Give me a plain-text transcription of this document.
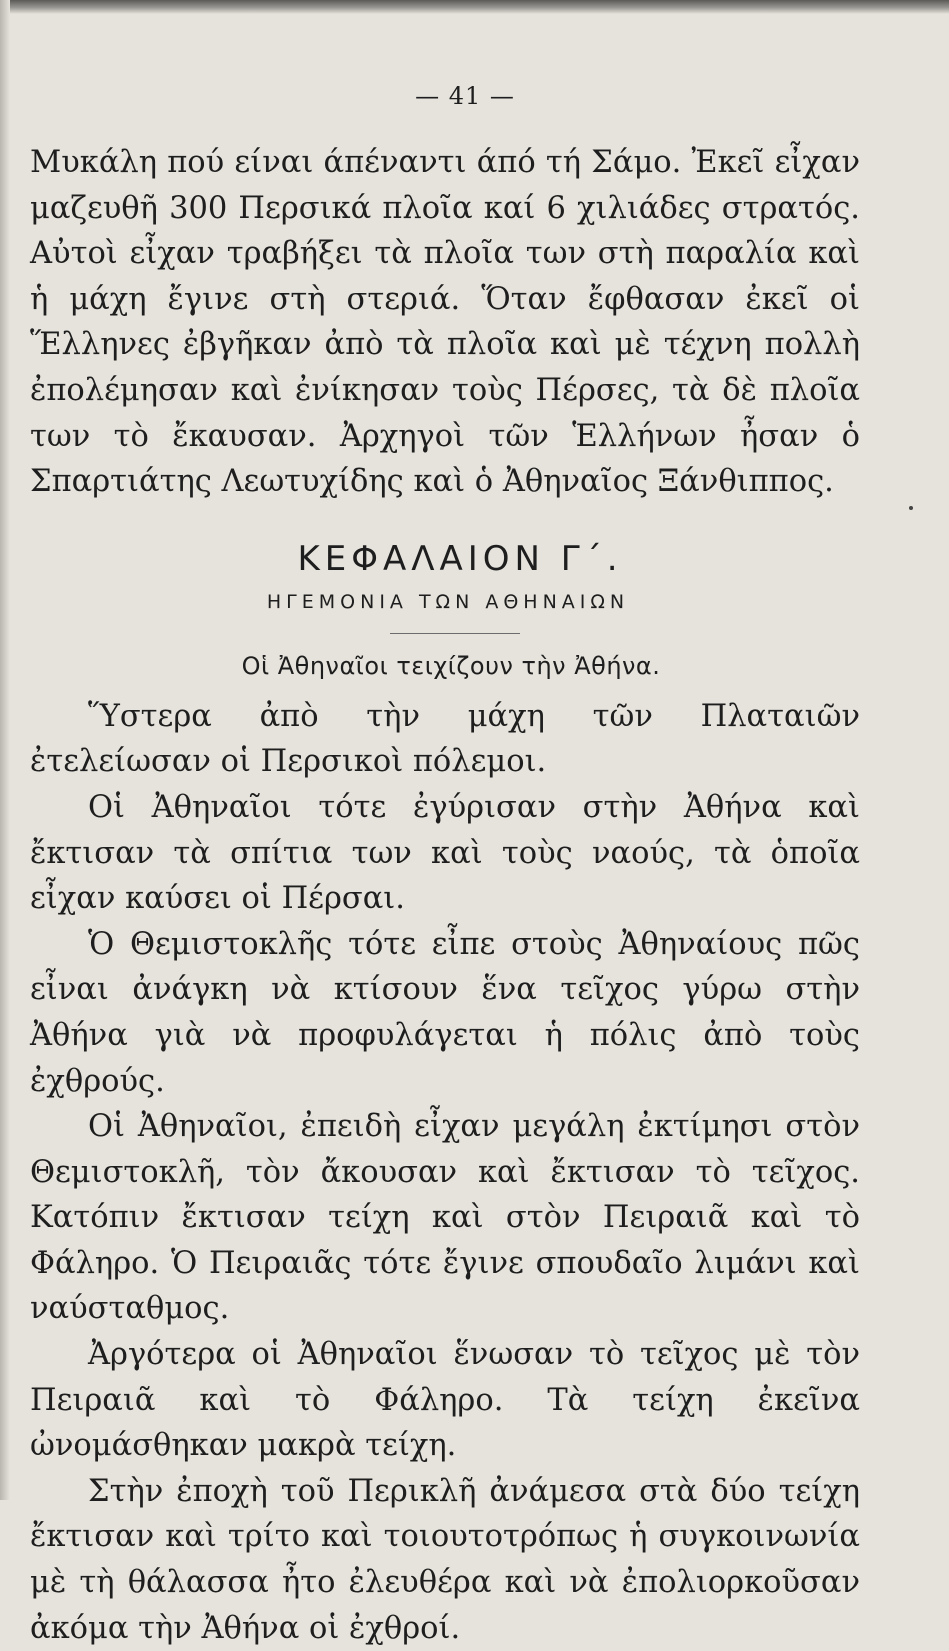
— 41 —

Μυκάλη πού είναι άπέναντι άπό τή Σάμο. Ἐκεῖ εἶχαν μαζευθῆ 300 Περσικά πλοῖα καί 6 χιλιάδες στρατός. Αὐτοὶ εἶχαν τραβήξει τὰ πλοῖα των στὴ παραλία καὶ ἡ μάχη ἔγινε στὴ στεριά. Ὅταν ἔφθασαν ἐκεῖ οἱ Ἕλληνες ἐβγῆκαν ἀπὸ τὰ πλοῖα καὶ μὲ τέχνη πολλὴ ἐπολέμησαν καὶ ἐνίκησαν τοὺς Πέρσες, τὰ δὲ πλοῖα των τὸ ἔκαυσαν. Ἀρχηγοὶ τῶν Ἑλλήνων ἦσαν ὁ Σπαρτιάτης Λεωτυχίδης καὶ ὁ Ἀθηναῖος Ξάνθιππος.

ΚΕΦΑΛΑΙΟΝ Γ΄.
ΗΓΕΜΟΝΙΑ ΤΩΝ ΑΘΗΝΑΙΩΝ
Οἱ Ἀθηναῖοι τειχίζουν τὴν Ἀθήνα.

Ὕστερα ἀπὸ τὴν μάχη τῶν Πλαταιῶν ἐτελείωσαν οἱ Περσικοὶ πόλεμοι.

Οἱ Ἀθηναῖοι τότε ἐγύρισαν στὴν Ἀθήνα καὶ ἔκτισαν τὰ σπίτια των καὶ τοὺς ναούς, τὰ ὁποῖα εἶχαν καύσει οἱ Πέρσαι.

Ὁ Θεμιστοκλῆς τότε εἶπε στοὺς Ἀθηναίους πῶς εἶναι ἀνάγκη νὰ κτίσουν ἕνα τεῖχος γύρω στὴν Ἀθήνα γιὰ νὰ προφυλάγεται ἡ πόλις ἀπὸ τοὺς ἐχθρούς.

Οἱ Ἀθηναῖοι, ἐπειδὴ εἶχαν μεγάλη ἐκτίμησι στὸν Θεμιστοκλῆ, τὸν ἄκουσαν καὶ ἔκτισαν τὸ τεῖχος. Κατόπιν ἔκτισαν τείχη καὶ στὸν Πειραιᾶ καὶ τὸ Φάληρο. Ὁ Πειραιᾶς τότε ἔγινε σπουδαῖο λιμάνι καὶ ναύσταθμος.

Ἀργότερα οἱ Ἀθηναῖοι ἕνωσαν τὸ τεῖχος μὲ τὸν Πειραιᾶ καὶ τὸ Φάληρο. Τὰ τείχη ἐκεῖνα ὠνομάσθηκαν μακρὰ τείχη.

Στὴν ἐποχὴ τοῦ Περικλῆ ἀνάμεσα στὰ δύο τείχη ἔκτισαν καὶ τρίτο καὶ τοιουτοτρόπως ἡ συγκοινωνία μὲ τὴ θάλασσα ἦτο ἐλευθέρα καὶ νὰ ἐπολιορκοῦσαν ἀκόμα τὴν Ἀθήνα οἱ ἐχθροί.
